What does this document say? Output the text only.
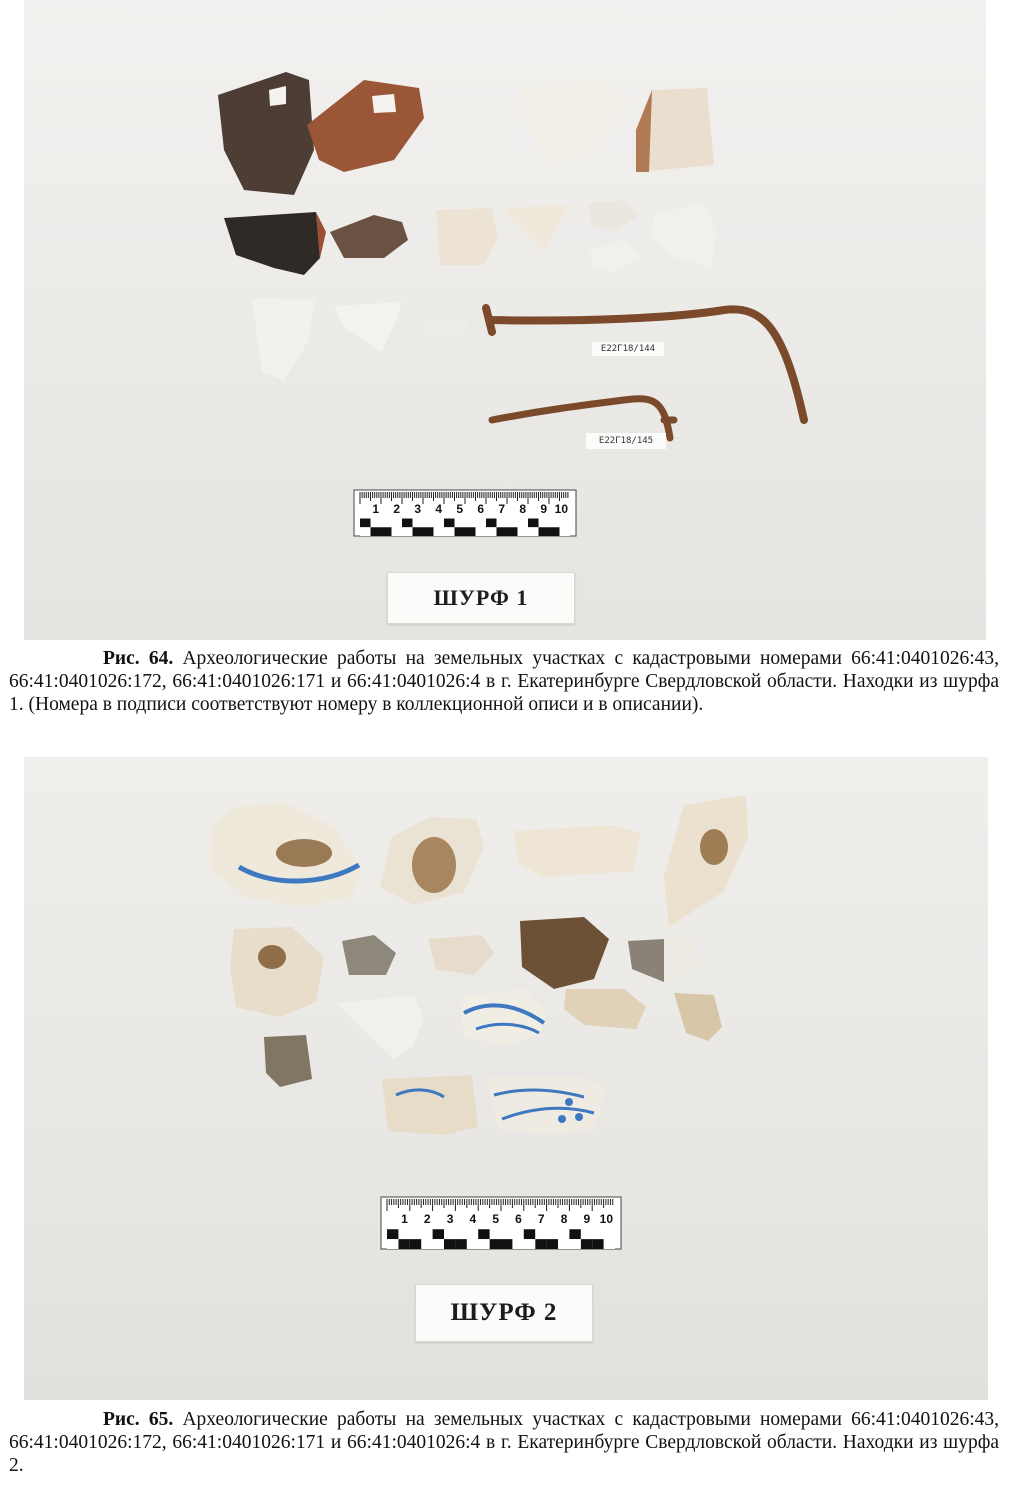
1 2 3 4 5 6 7 8 9 10
ШУРФ 1
Е22Г18/144
Е22Г18/145
Рис. 64. Археологические работы на земельных участках с кадастровыми номерами 66:41:0401026:43, 66:41:0401026:172, 66:41:0401026:171 и 66:41:0401026:4 в г. Екатеринбурге Свердловской области. Находки из шурфа 1. (Номера в подписи соответствуют номеру в коллекционной описи и в описании).
1 2 3 4 5 6 7 8 9 10
ШУРФ 2
Рис. 65. Археологические работы на земельных участках с кадастровыми номерами 66:41:0401026:43, 66:41:0401026:172, 66:41:0401026:171 и 66:41:0401026:4 в г. Екатеринбурге Свердловской области. Находки из шурфа 2.
